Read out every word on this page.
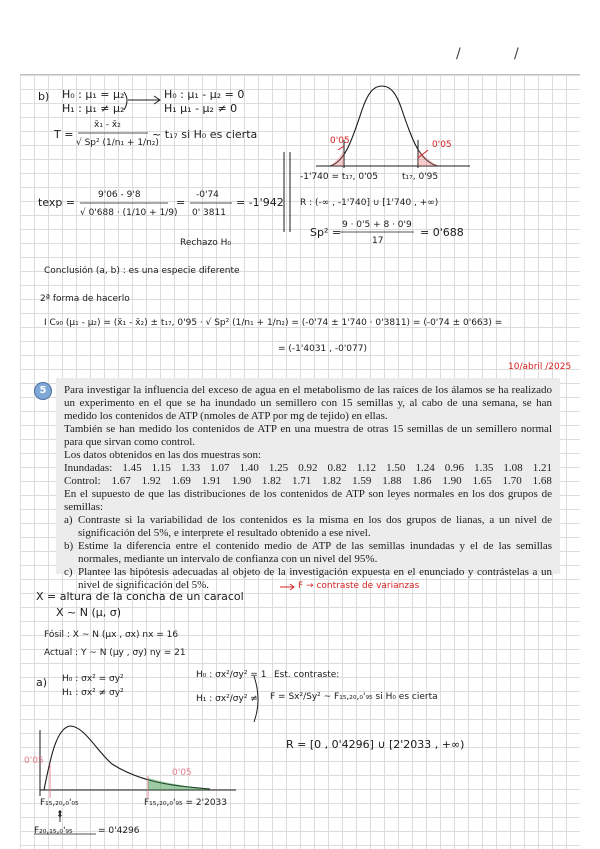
/	/
b) H₀ : μ₁ = μ₂
H₁ : μ₁ ≠ μ₂
H₀ : μ₁ - μ₂ = 0
H₁ μ₁ - μ₂ ≠ 0
T =
x̄₁ - x̄₂
√ Sp² (1/n₁ + 1/n₂)
~ t₁₇ si H₀ es cierta
texp =
9'06 - 9'8
√ 0'688 · (1/10 + 1/9)
=
-0'74
0' 3811
= -1'942
Rechazo H₀
0'05	0'05
-1'740 = t₁₇, 0'05	t₁₇, 0'95
R : (-∞ , -1'740] ∪ [1'740 , +∞)
Sp² =
9 · 0'5 + 8 · 0'9
17
= 0'688
Conclusión (a, b) : es una especie diferente
2ª forma de hacerlo
I C₉₀ (μ₁ - μ₂) = (x̄₁ - x̄₂) ± t₁₇, 0'95 · √ Sp² (1/n₁ + 1/n₂) = (-0'74 ± 1'740 · 0'3811) = (-0'74 ± 0'663) =
= (-1'4031 , -0'077)
10/abril /2025
5	Para investigar la influencia del exceso de agua en el metabolismo de las raíces de los álamos se ha realizado un experimento en el que se ha inundado un semillero con 15 semillas y, al cabo de una semana, se han medido los contenidos de ATP (nmoles de ATP por mg de tejido) en ellas.

También se han medido los contenidos de ATP en una muestra de otras 15 semillas de un semillero normal para que sirvan como control.

Los datos obtenidos en las dos muestras son:

Inundadas: 1.45 1.15 1.33 1.07 1.40 1.25 0.92 0.82 1.12 1.50 1.24 0.96 1.35 1.08 1.21
Control: 1.67 1.92 1.69 1.91 1.90 1.82 1.71 1.82 1.59 1.88 1.86 1.90 1.65 1.70 1.68

En el supuesto de que las distribuciones de los contenidos de ATP son leyes normales en los dos grupos de semillas:

a) Contraste si la variabilidad de los contenidos es la misma en los dos grupos de lianas, a un nivel de significación del 5%, e interprete el resultado obtenido a ese nivel.

b) Estime la diferencia entre el contenido medio de ATP de las semillas inundadas y el de las semillas normales, mediante un intervalo de confianza con un nivel del 95%.

c) Plantee las hipótesis adecuadas al objeto de la investigación expuesta en el enunciado y contrástelas a un nivel de significación del 5%.	F → contraste de varianzas
X = altura de la concha de un caracol
X ~ N (μ, σ)
Fósil : X ~ N (μx , σx) nx = 16
Actual : Y ~ N (μy , σy) ny = 21
a) H₀ : σx² = σy²
H₁ : σx² ≠ σy²
H₀ : σx²/σy² = 1
H₁ : σx²/σy² ≠
Est. contraste:
F = Sx²/Sy² ~ F₁₅,₂₀,₀'₉₅ si H₀ es cierta
R = [0 , 0'4296] ∪ [2'2033 , +∞)
0'05
0'05
F₁₅,₂₀,₀'₀₅	F₁₅,₂₀,₀'₉₅ = 2'2033
⇕
F₂₀,₁₅,₀'₉₅	= 0'4296
